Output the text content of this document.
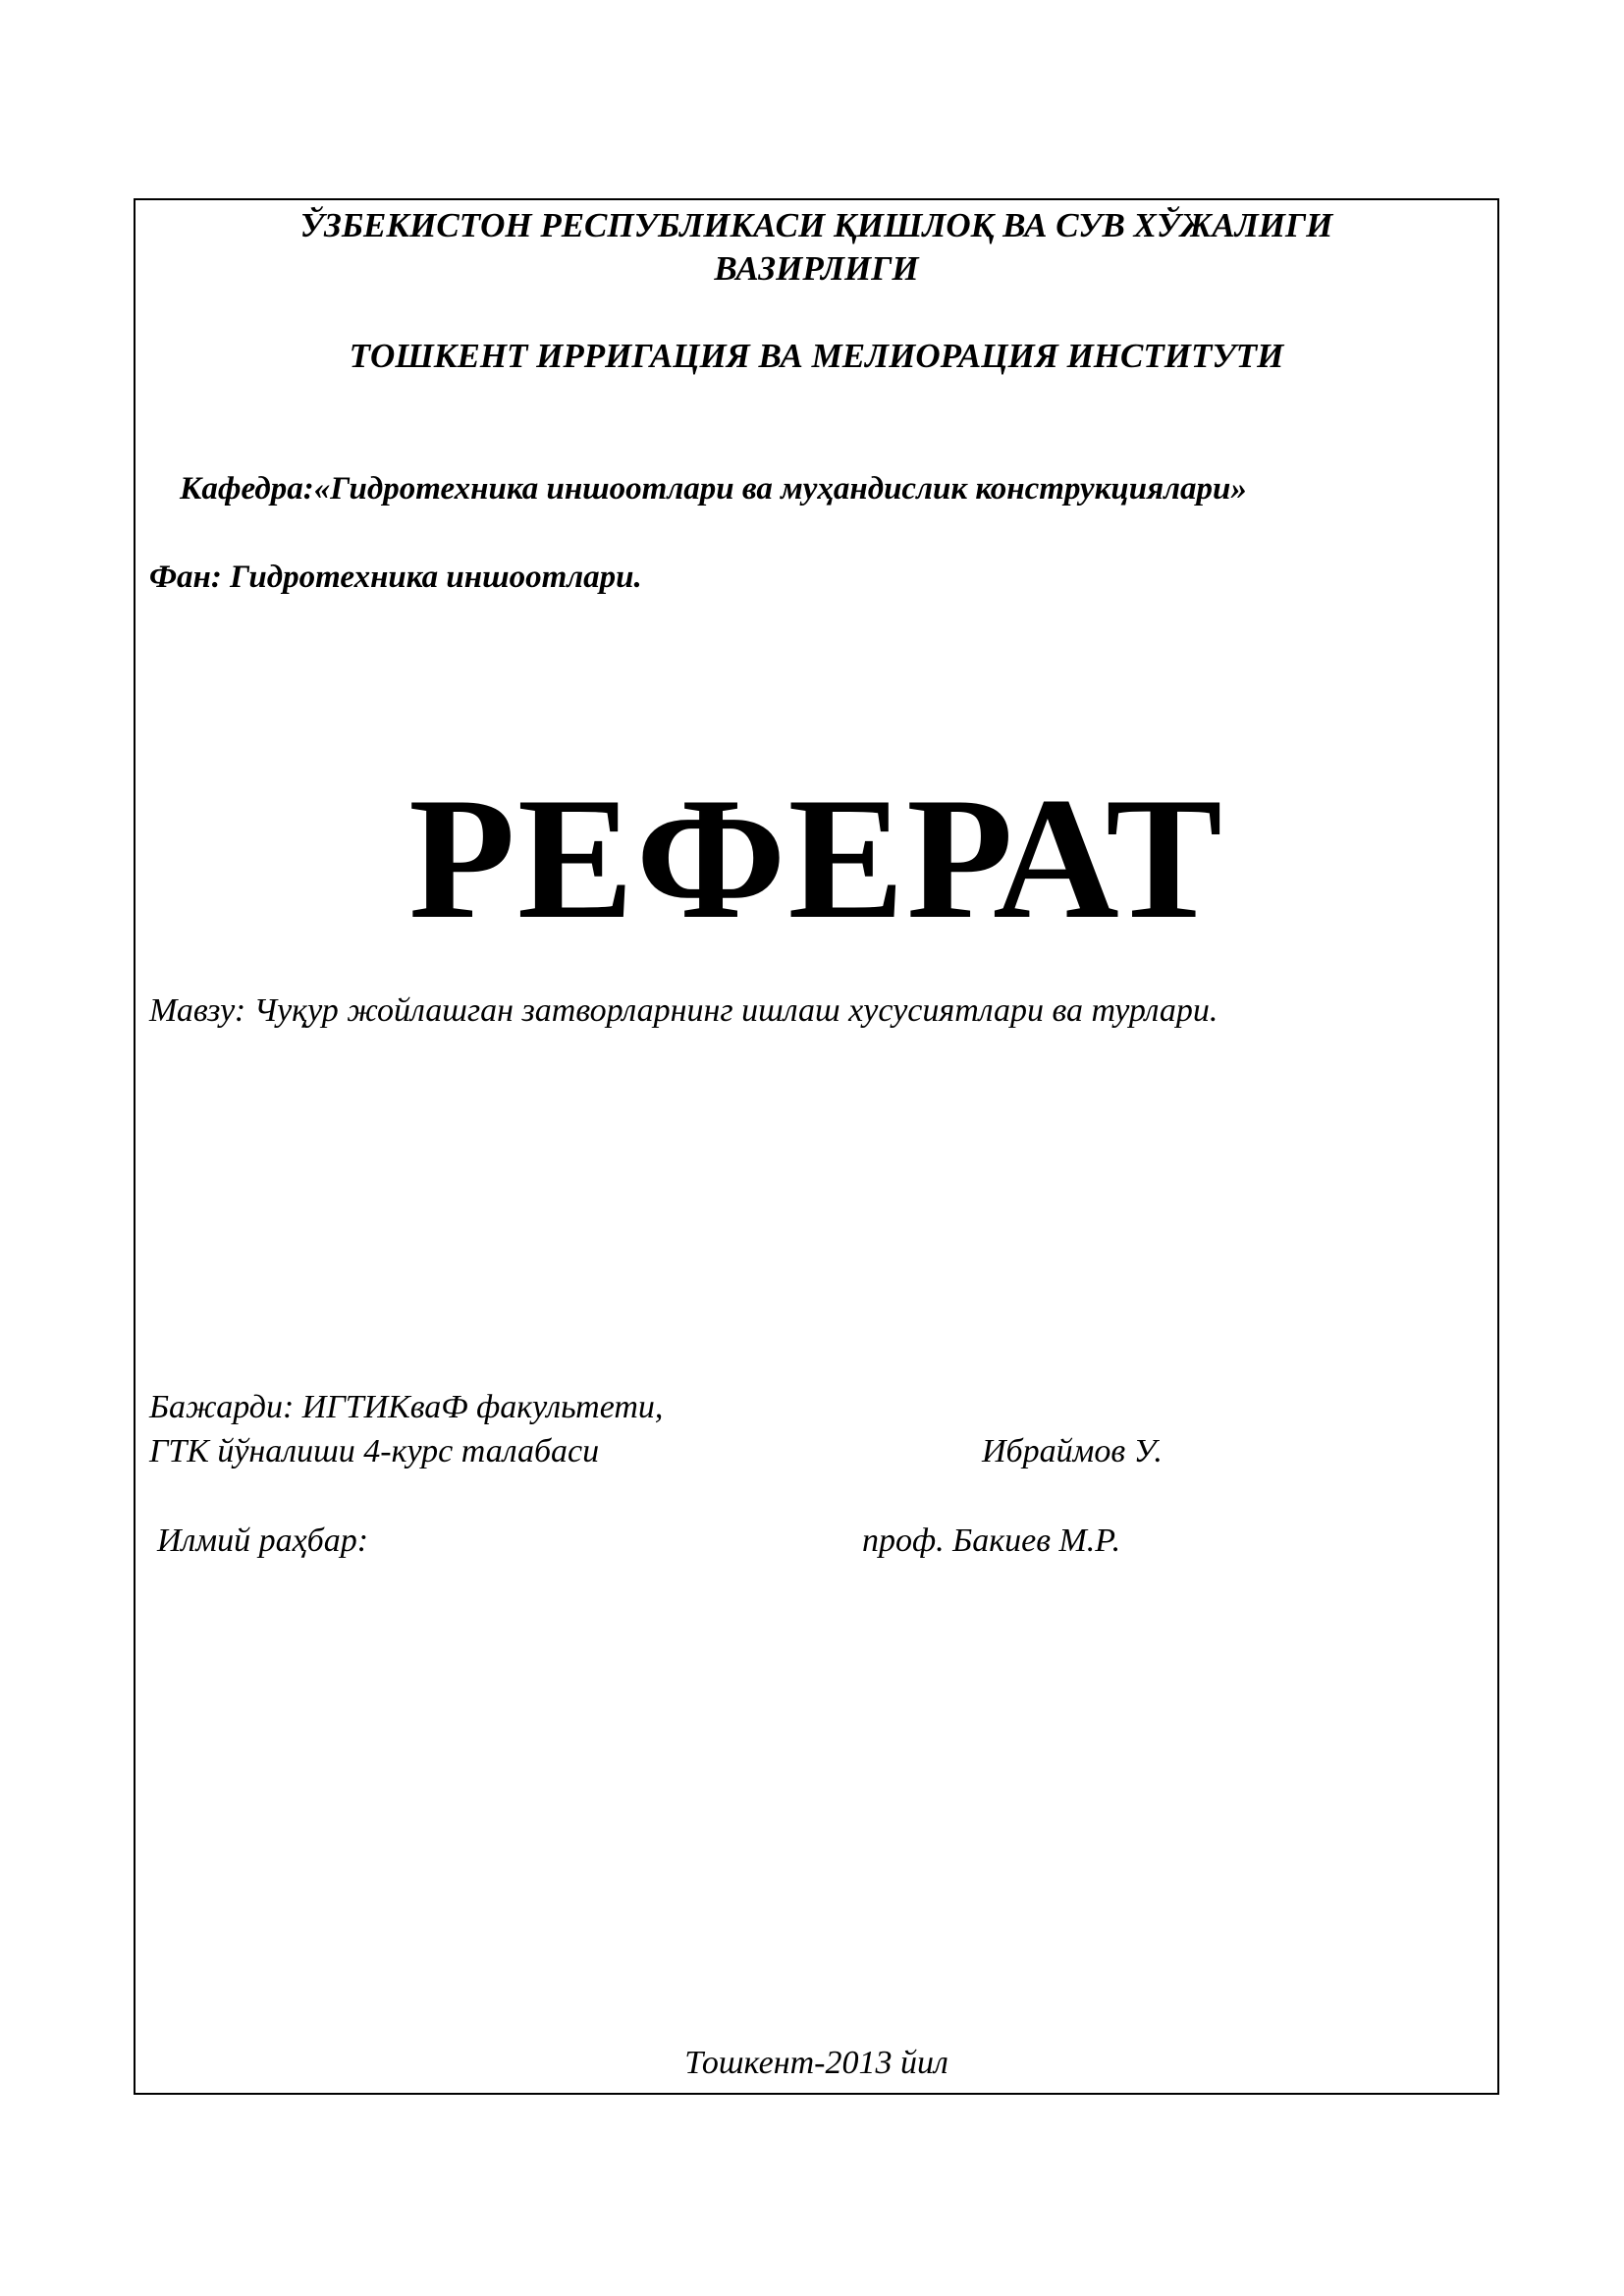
ЎЗБЕКИСТОН РЕСПУБЛИКАСИ ҚИШЛОҚ ВА СУВ ХЎЖАЛИГИ

ВАЗИРЛИГИ

ТОШКЕНТ ИРРИГАЦИЯ ВА МЕЛИОРАЦИЯ ИНСТИТУТИ

Кафедра:«Гидротехника иншоотлари ва муҳандислик конструкциялари»

Фан: Гидротехника иншоотлари.

РЕФЕРАТ

Мавзу: Чуқур жойлашган затворларнинг ишлаш хусусиятлари ва турлари.

Бажарди: ИГТИКваФ факультети,

ГТК йўналиши 4-курс талабаси	Ибраймов У.

Илмий раҳбар:	проф. Бакиев М.Р.

Тошкент-2013 йил
